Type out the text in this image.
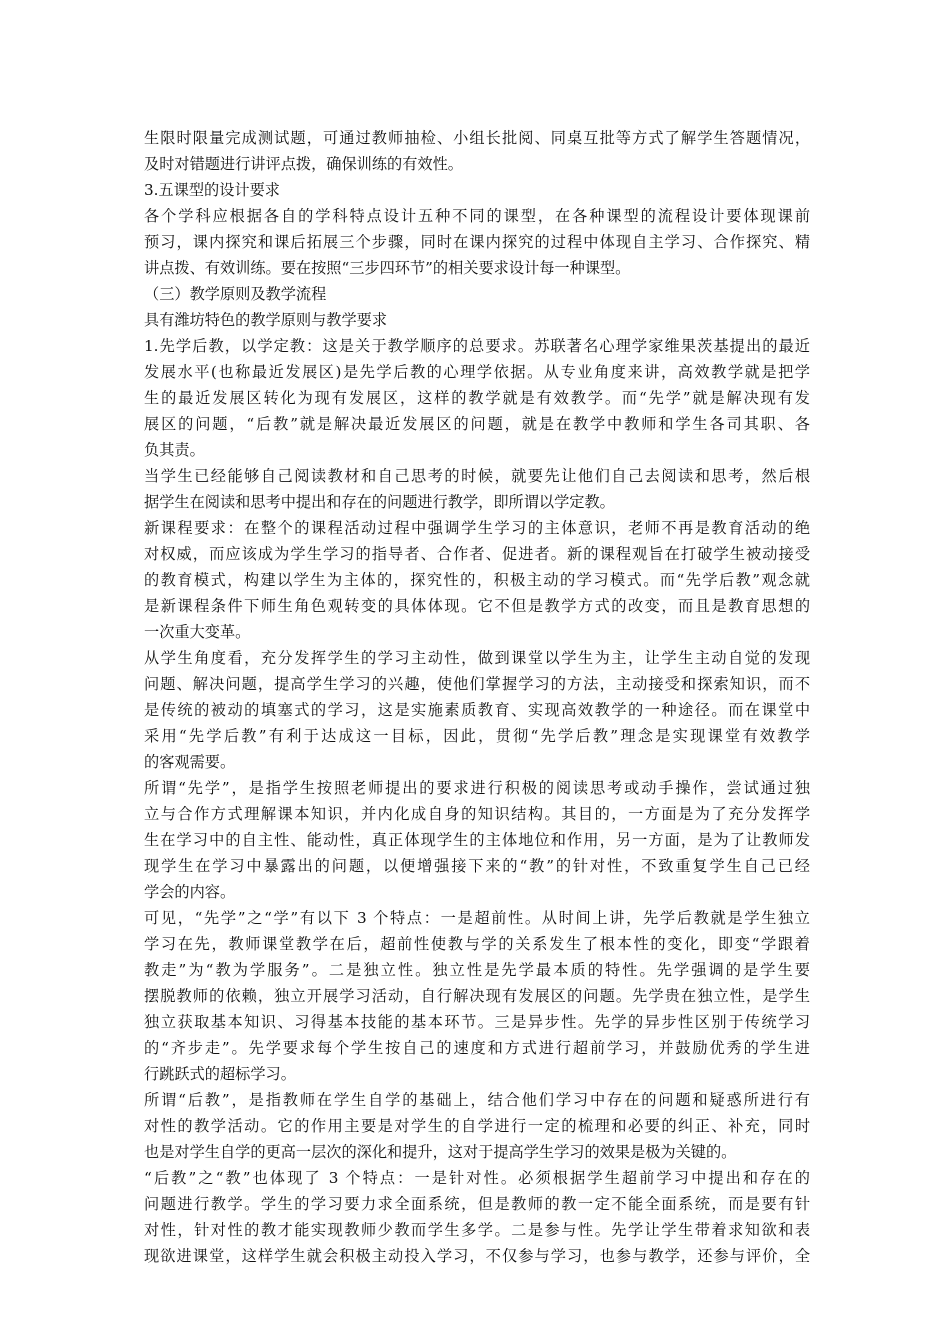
生限时限量完成测试题，可通过教师抽检、小组长批阅、同桌互批等方式了解学生答题情况，
及时对错题进行讲评点拨，确保训练的有效性。
3.五课型的设计要求
各个学科应根据各自的学科特点设计五种不同的课型，在各种课型的流程设计要体现课前
预习，课内探究和课后拓展三个步骤，同时在课内探究的过程中体现自主学习、合作探究、精
讲点拨、有效训练。要在按照“三步四环节”的相关要求设计每一种课型。
（三）教学原则及教学流程
具有潍坊特色的教学原则与教学要求
1.先学后教，以学定教：这是关于教学顺序的总要求。苏联著名心理学家维果茨基提出的最近
发展水平(也称最近发展区)是先学后教的心理学依据。从专业角度来讲，高效教学就是把学
生的最近发展区转化为现有发展区，这样的教学就是有效教学。而“先学”就是解决现有发
展区的问题，“后教”就是解决最近发展区的问题，就是在教学中教师和学生各司其职、各
负其责。
当学生已经能够自己阅读教材和自己思考的时候，就要先让他们自己去阅读和思考，然后根
据学生在阅读和思考中提出和存在的问题进行教学，即所谓以学定教。
新课程要求：在整个的课程活动过程中强调学生学习的主体意识，老师不再是教育活动的绝
对权威，而应该成为学生学习的指导者、合作者、促进者。新的课程观旨在打破学生被动接受
的教育模式，构建以学生为主体的，探究性的，积极主动的学习模式。而“先学后教”观念就
是新课程条件下师生角色观转变的具体体现。它不但是教学方式的改变，而且是教育思想的
一次重大变革。
从学生角度看，充分发挥学生的学习主动性，做到课堂以学生为主，让学生主动自觉的发现
问题、解决问题，提高学生学习的兴趣，使他们掌握学习的方法，主动接受和探索知识，而不
是传统的被动的填塞式的学习，这是实施素质教育、实现高效教学的一种途径。而在课堂中
采用“先学后教”有利于达成这一目标，因此，贯彻“先学后教”理念是实现课堂有效教学
的客观需要。
所谓“先学”，是指学生按照老师提出的要求进行积极的阅读思考或动手操作，尝试通过独
立与合作方式理解课本知识，并内化成自身的知识结构。其目的，一方面是为了充分发挥学
生在学习中的自主性、能动性，真正体现学生的主体地位和作用，另一方面，是为了让教师发
现学生在学习中暴露出的问题，以便增强接下来的“教”的针对性，不致重复学生自己已经
学会的内容。
可见，“先学”之“学”有以下 3 个特点：一是超前性。从时间上讲，先学后教就是学生独立
学习在先，教师课堂教学在后，超前性使教与学的关系发生了根本性的变化，即变“学跟着
教走”为“教为学服务”。二是独立性。独立性是先学最本质的特性。先学强调的是学生要
摆脱教师的依赖，独立开展学习活动，自行解决现有发展区的问题。先学贵在独立性，是学生
独立获取基本知识、习得基本技能的基本环节。三是异步性。先学的异步性区别于传统学习
的“齐步走”。先学要求每个学生按自己的速度和方式进行超前学习，并鼓励优秀的学生进
行跳跃式的超标学习。
所谓“后教”，是指教师在学生自学的基础上，结合他们学习中存在的问题和疑惑所进行有
对性的教学活动。它的作用主要是对学生的自学进行一定的梳理和必要的纠正、补充，同时
也是对学生自学的更高一层次的深化和提升，这对于提高学生学习的效果是极为关键的。
“后教”之“教”也体现了 3 个特点：一是针对性。必须根据学生超前学习中提出和存在的
问题进行教学。学生的学习要力求全面系统，但是教师的教一定不能全面系统，而是要有针
对性，针对性的教才能实现教师少教而学生多学。二是参与性。先学让学生带着求知欲和表
现欲进课堂，这样学生就会积极主动投入学习，不仅参与学习，也参与教学，还参与评价，全
